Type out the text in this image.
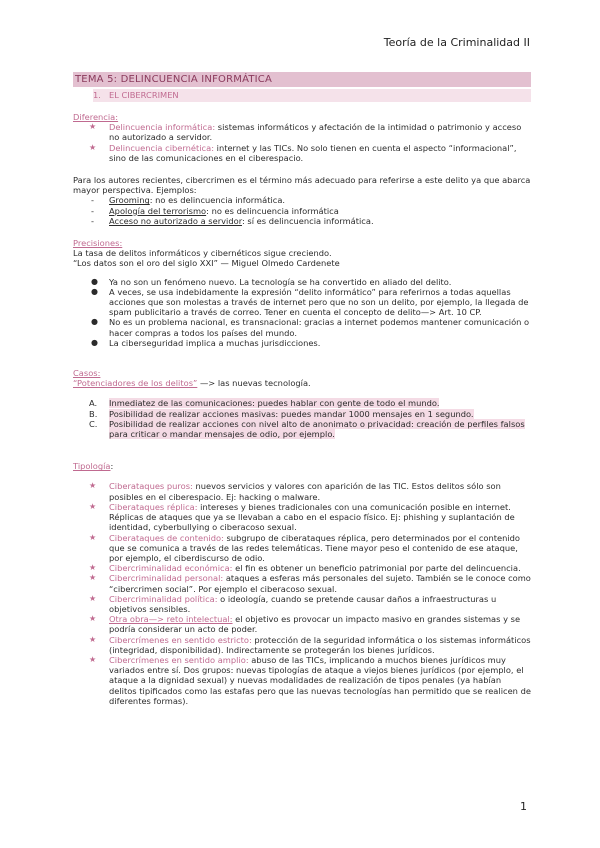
Teoría de la Criminalidad II
TEMA 5: DELINCUENCIA INFORMÁTICA
1. EL CIBERCRIMEN
Diferencia:
★ Delincuencia informática: sistemas informáticos y afectación de la intimidad o patrimonio y acceso no autorizado a servidor.
★ Delincuencia cibernética: internet y las TICs. No solo tienen en cuenta el aspecto “informacional”, sino de las comunicaciones en el ciberespacio.
Para los autores recientes, cibercrimen es el término más adecuado para referirse a este delito ya que abarca mayor perspectiva. Ejemplos:
- Grooming: no es delincuencia informática.
- Apología del terrorismo: no es delincuencia informática
- Acceso no autorizado a servidor: sí es delincuencia informática.
Precisiones:
La tasa de delitos informáticos y cibernéticos sigue creciendo.
“Los datos son el oro del siglo XXI” — Miguel Olmedo Cardenete
● Ya no son un fenómeno nuevo. La tecnología se ha convertido en aliado del delito.
● A veces, se usa indebidamente la expresión “delito informático” para referirnos a todas aquellas acciones que son molestas a través de internet pero que no son un delito, por ejemplo, la llegada de spam publicitario a través de correo. Tener en cuenta el concepto de delito—> Art. 10 CP.
● No es un problema nacional, es transnacional: gracias a internet podemos mantener comunicación o hacer compras a todos los países del mundo.
● La ciberseguridad implica a muchas jurisdicciones.
Casos:
“Potenciadores de los delitos” —> las nuevas tecnología.
A. Inmediatez de las comunicaciones: puedes hablar con gente de todo el mundo.
B. Posibilidad de realizar acciones masivas: puedes mandar 1000 mensajes en 1 segundo.
C. Posibilidad de realizar acciones con nivel alto de anonimato o privacidad: creación de perfiles falsos para criticar o mandar mensajes de odio, por ejemplo.
Tipología:
★ Ciberataques puros: nuevos servicios y valores con aparición de las TIC. Estos delitos sólo son posibles en el ciberespacio. Ej: hacking o malware.
★ Ciberataques réplica: intereses y bienes tradicionales con una comunicación posible en internet. Réplicas de ataques que ya se llevaban a cabo en el espacio físico. Ej: phishing y suplantación de identidad, cyberbullying o ciberacoso sexual.
★ Ciberataques de contenido: subgrupo de ciberataques réplica, pero determinados por el contenido que se comunica a través de las redes telemáticas. Tiene mayor peso el contenido de ese ataque, por ejemplo, el ciberdiscurso de odio.
★ Cibercriminalidad económica: el fin es obtener un beneficio patrimonial por parte del delincuencia.
★ Cibercriminalidad personal: ataques a esferas más personales del sujeto. También se le conoce como “cibercrimen social”. Por ejemplo el ciberacoso sexual.
★ Cibercriminalidad política: o ideología, cuando se pretende causar daños a infraestructuras u objetivos sensibles.
★ Otra obra—> reto intelectual: el objetivo es provocar un impacto masivo en grandes sistemas y se podría considerar un acto de poder.
★ Cibercrímenes en sentido estricto: protección de la seguridad informática o los sistemas informáticos (integridad, disponibilidad). Indirectamente se protegerán los bienes jurídicos.
★ Cibercrímenes en sentido amplio: abuso de las TICs, implicando a muchos bienes jurídicos muy variados entre sí. Dos grupos: nuevas tipologías de ataque a viejos bienes jurídicos (por ejemplo, el ataque a la dignidad sexual) y nuevas modalidades de realización de tipos penales (ya habían delitos tipificados como las estafas pero que las nuevas tecnologías han permitido que se realicen de diferentes formas).
1
